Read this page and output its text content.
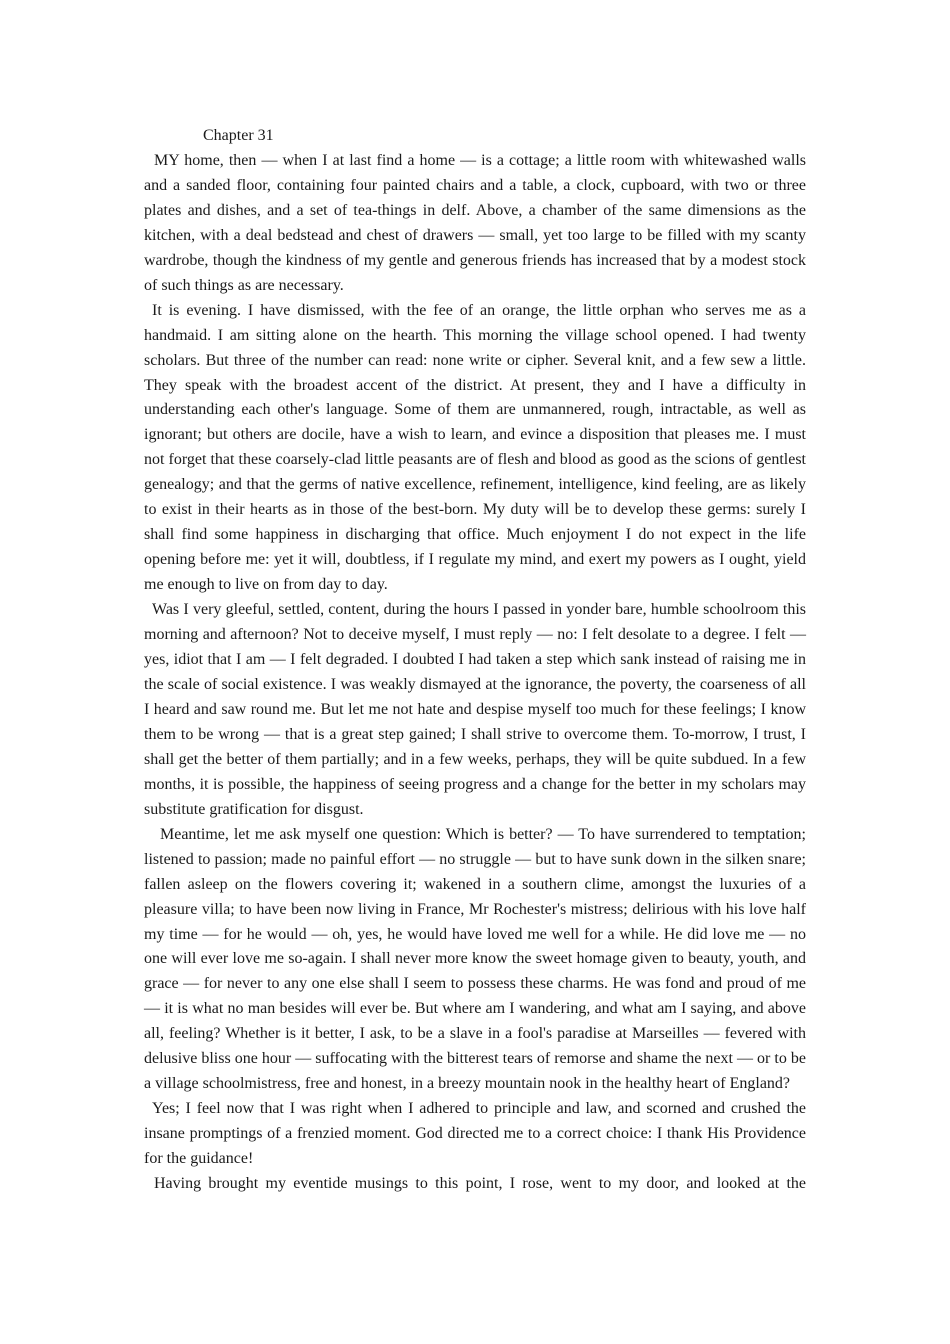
Chapter 31

MY home, then — when I at last find a home — is a cottage; a little room with whitewashed walls and a sanded floor, containing four painted chairs and a table, a clock, cupboard, with two or three plates and dishes, and a set of tea-things in delf. Above, a chamber of the same dimensions as the kitchen, with a deal bedstead and chest of drawers — small, yet too large to be filled with my scanty wardrobe, though the kindness of my gentle and generous friends has increased that by a modest stock of such things as are necessary.

It is evening. I have dismissed, with the fee of an orange, the little orphan who serves me as a handmaid. I am sitting alone on the hearth. This morning the village school opened. I had twenty scholars. But three of the number can read: none write or cipher. Several knit, and a few sew a little. They speak with the broadest accent of the district. At present, they and I have a difficulty in understanding each other's language. Some of them are unmannered, rough, intractable, as well as ignorant; but others are docile, have a wish to learn, and evince a disposition that pleases me. I must not forget that these coarsely-clad little peasants are of flesh and blood as good as the scions of gentlest genealogy; and that the germs of native excellence, refinement, intelligence, kind feeling, are as likely to exist in their hearts as in those of the best-born. My duty will be to develop these germs: surely I shall find some happiness in discharging that office. Much enjoyment I do not expect in the life opening before me: yet it will, doubtless, if I regulate my mind, and exert my powers as I ought, yield me enough to live on from day to day.

Was I very gleeful, settled, content, during the hours I passed in yonder bare, humble schoolroom this morning and afternoon? Not to deceive myself, I must reply — no: I felt desolate to a degree. I felt — yes, idiot that I am — I felt degraded. I doubted I had taken a step which sank instead of raising me in the scale of social existence. I was weakly dismayed at the ignorance, the poverty, the coarseness of all I heard and saw round me. But let me not hate and despise myself too much for these feelings; I know them to be wrong — that is a great step gained; I shall strive to overcome them. To-morrow, I trust, I shall get the better of them partially; and in a few weeks, perhaps, they will be quite subdued. In a few months, it is possible, the happiness of seeing progress and a change for the better in my scholars may substitute gratification for disgust.

Meantime, let me ask myself one question: Which is better? — To have surrendered to temptation; listened to passion; made no painful effort — no struggle — but to have sunk down in the silken snare; fallen asleep on the flowers covering it; wakened in a southern clime, amongst the luxuries of a pleasure villa; to have been now living in France, Mr Rochester's mistress; delirious with his love half my time — for he would — oh, yes, he would have loved me well for a while. He did love me — no one will ever love me so-again. I shall never more know the sweet homage given to beauty, youth, and grace — for never to any one else shall I seem to possess these charms. He was fond and proud of me — it is what no man besides will ever be. But where am I wandering, and what am I saying, and above all, feeling? Whether is it better, I ask, to be a slave in a fool's paradise at Marseilles — fevered with delusive bliss one hour — suffocating with the bitterest tears of remorse and shame the next — or to be a village schoolmistress, free and honest, in a breezy mountain nook in the healthy heart of England?

Yes; I feel now that I was right when I adhered to principle and law, and scorned and crushed the insane promptings of a frenzied moment. God directed me to a correct choice: I thank His Providence for the guidance!

Having brought my eventide musings to this point, I rose, went to my door, and looked at the
